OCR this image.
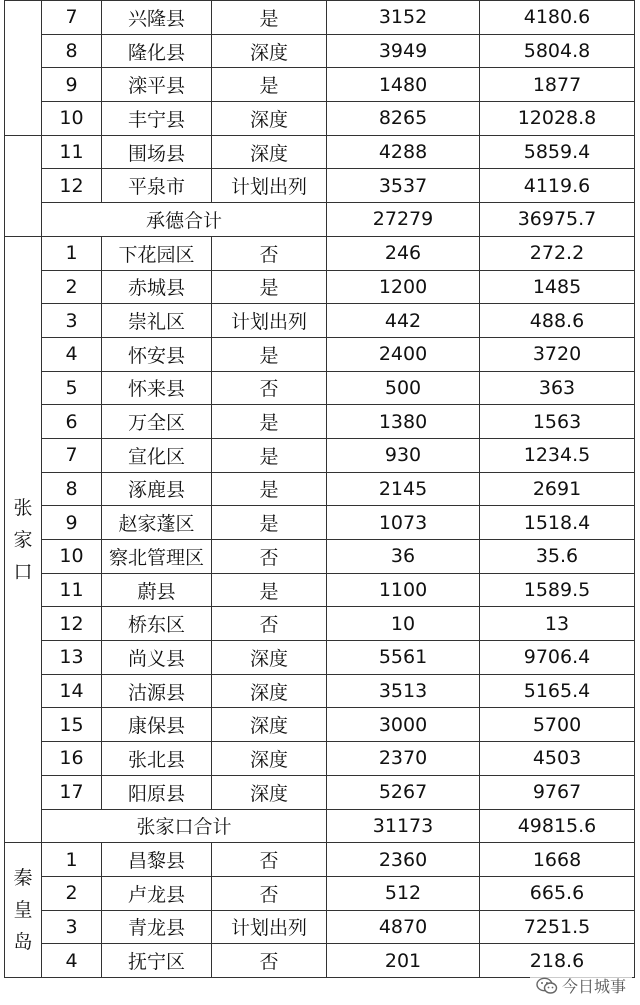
	7	兴隆县	是	3152	4180.6
	8	隆化县	深度	3949	5804.8
	9	滦平县	是	1480	1877
	10	丰宁县	深度	8265	12028.8
	11	围场县	深度	4288	5859.4
	12	平泉市	计划出列	3537	4119.6
	承德合计			27279	36975.7
张家口	1	下花园区	否	246	272.2
	2	赤城县	是	1200	1485
	3	崇礼区	计划出列	442	488.6
	4	怀安县	是	2400	3720
	5	怀来县	否	500	363
	6	万全区	是	1380	1563
	7	宣化区	是	930	1234.5
	8	涿鹿县	是	2145	2691
	9	赵家蓬区	是	1073	1518.4
	10	察北管理区	否	36	35.6
	11	蔚县	是	1100	1589.5
	12	桥东区	否	10	13
	13	尚义县	深度	5561	9706.4
	14	沽源县	深度	3513	5165.4
	15	康保县	深度	3000	5700
	16	张北县	深度	2370	4503
	17	阳原县	深度	5267	9767
	张家口合计			31173	49815.6
秦皇岛	1	昌黎县	否	2360	1668
	2	卢龙县	否	512	665.6
	3	青龙县	计划出列	4870	7251.5
	4	抚宁区	否	201	218.6
今日城事
